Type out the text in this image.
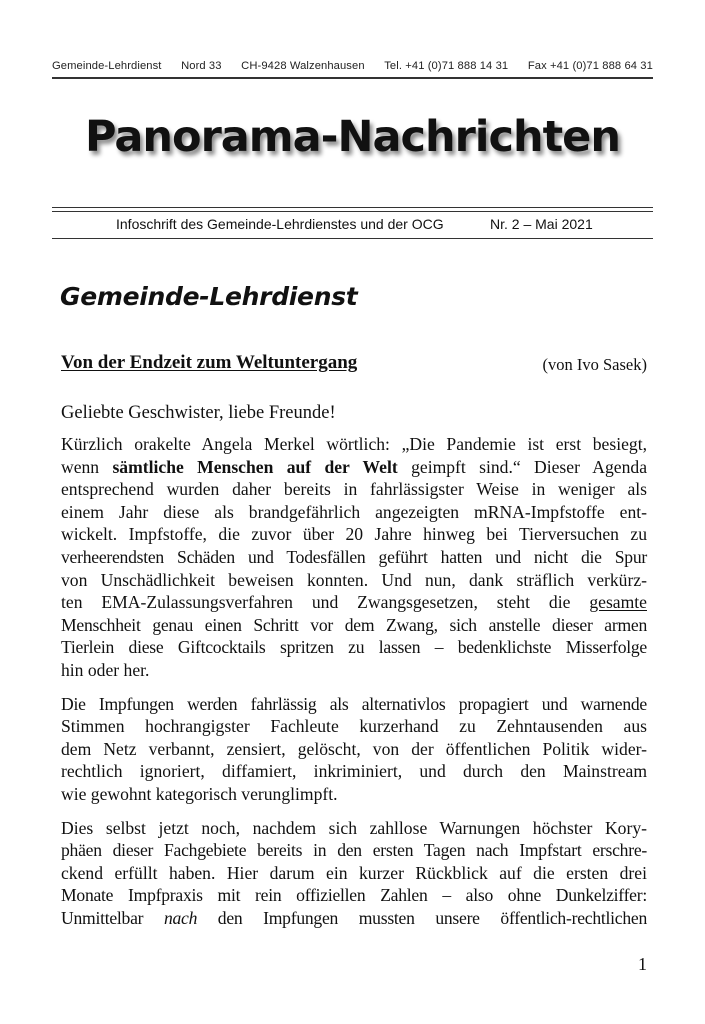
Gemeinde-Lehrdienst Nord 33 CH-9428 Walzenhausen Tel. +41 (0)71 888 14 31 Fax +41 (0)71 888 64 31
Panorama-Nachrichten
Infoschrift des Gemeinde-Lehrdienstes und der OCG	Nr. 2 – Mai 2021
Gemeinde-Lehrdienst
Von der Endzeit zum Weltuntergang	(von Ivo Sasek)
Geliebte Geschwister, liebe Freunde!
Kürzlich orakelte Angela Merkel wörtlich: „Die Pandemie ist erst besiegt,
wenn sämtliche Menschen auf der Welt geimpft sind.“ Dieser Agenda
entsprechend wurden daher bereits in fahrlässigster Weise in weniger als
einem Jahr diese als brandgefährlich angezeigten mRNA-Impfstoffe ent-
wickelt. Impfstoffe, die zuvor über 20 Jahre hinweg bei Tierversuchen zu
verheerendsten Schäden und Todesfällen geführt hatten und nicht die Spur
von Unschädlichkeit beweisen konnten. Und nun, dank sträflich verkürz-
ten EMA-Zulassungsverfahren und Zwangsgesetzen, steht die gesamte
Menschheit genau einen Schritt vor dem Zwang, sich anstelle dieser armen
Tierlein diese Giftcocktails spritzen zu lassen – bedenklichste Misserfolge
hin oder her.
Die Impfungen werden fahrlässig als alternativlos propagiert und warnende
Stimmen hochrangigster Fachleute kurzerhand zu Zehntausenden aus
dem Netz verbannt, zensiert, gelöscht, von der öffentlichen Politik wider-
rechtlich ignoriert, diffamiert, inkriminiert, und durch den Mainstream
wie gewohnt kategorisch verunglimpft.
Dies selbst jetzt noch, nachdem sich zahllose Warnungen höchster Kory-
phäen dieser Fachgebiete bereits in den ersten Tagen nach Impfstart erschre-
ckend erfüllt haben. Hier darum ein kurzer Rückblick auf die ersten drei
Monate Impfpraxis mit rein offiziellen Zahlen – also ohne Dunkelziffer:
Unmittelbar nach den Impfungen mussten unsere öffentlich-rechtlichen
1
